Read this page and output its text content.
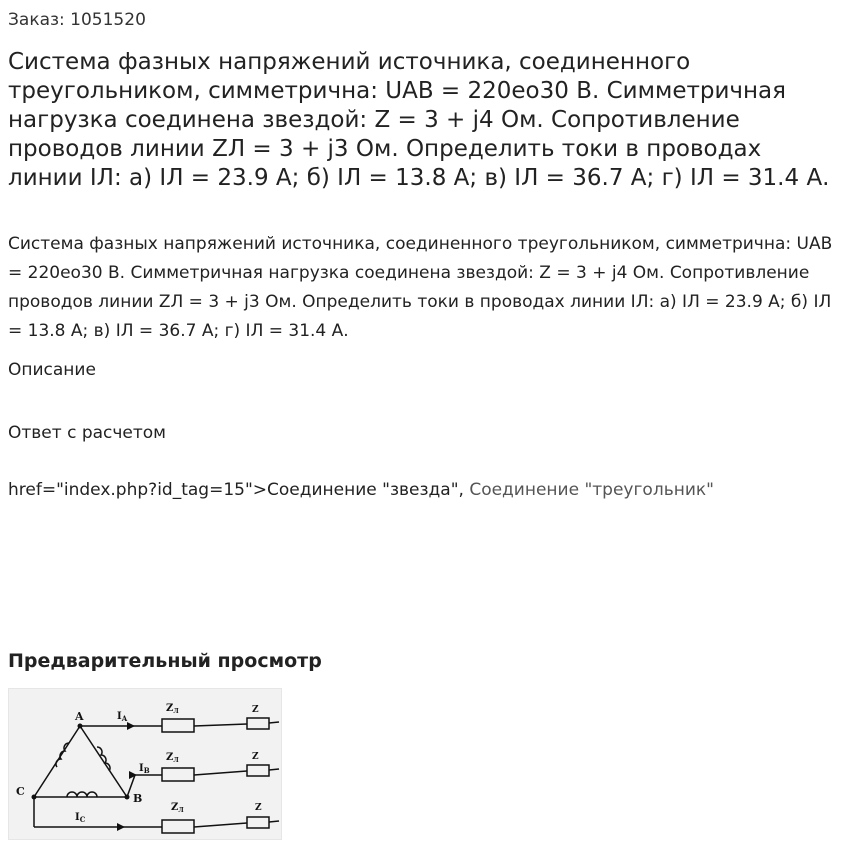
Заказ: 1051520
Система фазных напряжений источника, соединенного треугольником, симметрична: UAB = 220eo30 В. Симметричная нагрузка соединена звездой: Z = 3 + j4 Ом. Сопротивление проводов линии ZЛ = 3 + j3 Ом. Определить токи в проводах линии IЛ: а) IЛ = 23.9 А; б) IЛ = 13.8 А; в) IЛ = 36.7 А; г) IЛ = 31.4 А.
Система фазных напряжений источника, соединенного треугольником, симметрична: UAB = 220eo30 В. Симметричная нагрузка соединена звездой: Z = 3 + j4 Ом. Сопротивление проводов линии ZЛ = 3 + j3 Ом. Определить токи в проводах линии IЛ: а) IЛ = 23.9 А; б) IЛ = 13.8 А; в) IЛ = 36.7 А; г) IЛ = 31.4 А.
Описание
Ответ с расчетом
href="index.php?id_tag=15">Соединение "звезда", Соединение "треугольник"
Предварительный просмотр
A
B
C
$I_A$
$I_B$
$I_C$
$Z_Л$
$Z_Л$
$Z_Л$
Z
Z
Z
